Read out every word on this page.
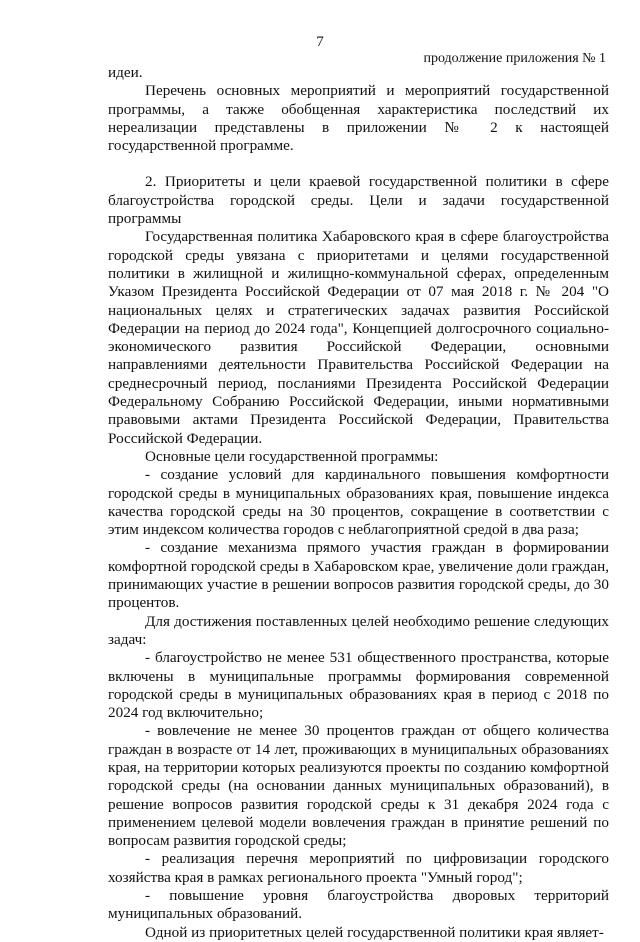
7
продолжение приложения № 1

идеи.

Перечень основных мероприятий и мероприятий государственной программы, а также обобщенная характеристика последствий их нереализации представлены в приложении № 2 к настоящей государственной программе.

2. Приоритеты и цели краевой государственной политики в сфере благоустройства городской среды. Цели и задачи государственной программы

Государственная политика Хабаровского края в сфере благоустройства городской среды увязана с приоритетами и целями государственной политики в жилищной и жилищно-коммунальной сферах, определенным Указом Президента Российской Федерации от 07 мая 2018 г. № 204 "О национальных целях и стратегических задачах развития Российской Федерации на период до 2024 года", Концепцией долгосрочного социально-экономического развития Российской Федерации, основными направлениями деятельности Правительства Российской Федерации на среднесрочный период, посланиями Президента Российской Федерации Федеральному Собранию Российской Федерации, иными нормативными правовыми актами Президента Российской Федерации, Правительства Российской Федерации.

Основные цели государственной программы:

- создание условий для кардинального повышения комфортности городской среды в муниципальных образованиях края, повышение индекса качества городской среды на 30 процентов, сокращение в соответствии с этим индексом количества городов с неблагоприятной средой в два раза;

- создание механизма прямого участия граждан в формировании комфортной городской среды в Хабаровском крае, увеличение доли граждан, принимающих участие в решении вопросов развития городской среды, до 30 процентов.

Для достижения поставленных целей необходимо решение следующих задач:

- благоустройство не менее 531 общественного пространства, которые включены в муниципальные программы формирования современной городской среды в муниципальных образованиях края в период с 2018 по 2024 год включительно;

- вовлечение не менее 30 процентов граждан от общего количества граждан в возрасте от 14 лет, проживающих в муниципальных образованиях края, на территории которых реализуются проекты по созданию комфортной городской среды (на основании данных муниципальных образований), в решение вопросов развития городской среды к 31 декабря 2024 года с применением целевой модели вовлечения граждан в принятие решений по вопросам развития городской среды;

- реализация перечня мероприятий по цифровизации городского хозяйства края в рамках регионального проекта "Умный город";

- повышение уровня благоустройства дворовых территорий муниципальных образований.

Одной из приоритетных целей государственной политики края являет-
